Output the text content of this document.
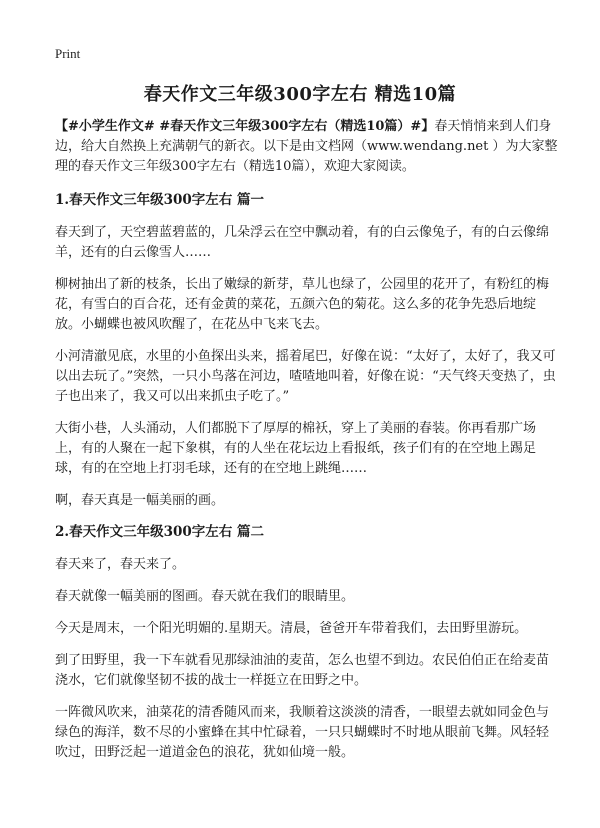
Print
春天作文三年级300字左右 精选10篇

【#小学生作文# #春天作文三年级300字左右（精选10篇）#】春天悄悄来到人们身边，给大自然换上充满朝气的新衣。以下是由文档网（www.wendang.net ）为大家整理的春天作文三年级300字左右（精选10篇），欢迎大家阅读。

1.春天作文三年级300字左右 篇一

春天到了，天空碧蓝碧蓝的，几朵浮云在空中飘动着，有的白云像兔子，有的白云像绵羊，还有的白云像雪人……

柳树抽出了新的枝条，长出了嫩绿的新芽，草儿也绿了，公园里的花开了，有粉红的梅花，有雪白的百合花，还有金黄的菜花，五颜六色的菊花。这么多的花争先恐后地绽放。小蝴蝶也被风吹醒了，在花丛中飞来飞去。

小河清澈见底，水里的小鱼探出头来，摇着尾巴，好像在说：“太好了，太好了，我又可以出去玩了。”突然，一只小鸟落在河边，喳喳地叫着，好像在说：“天气终天变热了，虫子也出来了，我又可以出来抓虫子吃了。”

大街小巷，人头涌动，人们都脱下了厚厚的棉袄，穿上了美丽的春装。你再看那广场上，有的人聚在一起下象棋，有的人坐在花坛边上看报纸，孩子们有的在空地上踢足球，有的在空地上打羽毛球，还有的在空地上跳绳……

啊，春天真是一幅美丽的画。

2.春天作文三年级300字左右 篇二

春天来了，春天来了。

春天就像一幅美丽的图画。春天就在我们的眼睛里。

今天是周末，一个阳光明媚的.星期天。清晨，爸爸开车带着我们，去田野里游玩。

到了田野里，我一下车就看见那绿油油的麦苗，怎么也望不到边。农民伯伯正在给麦苗浇水，它们就像坚韧不拔的战士一样挺立在田野之中。

一阵微风吹来，油菜花的清香随风而来，我顺着这淡淡的清香，一眼望去就如同金色与绿色的海洋，数不尽的小蜜蜂在其中忙碌着，一只只蝴蝶时不时地从眼前飞舞。风轻轻吹过，田野泛起一道道金色的浪花，犹如仙境一般。
